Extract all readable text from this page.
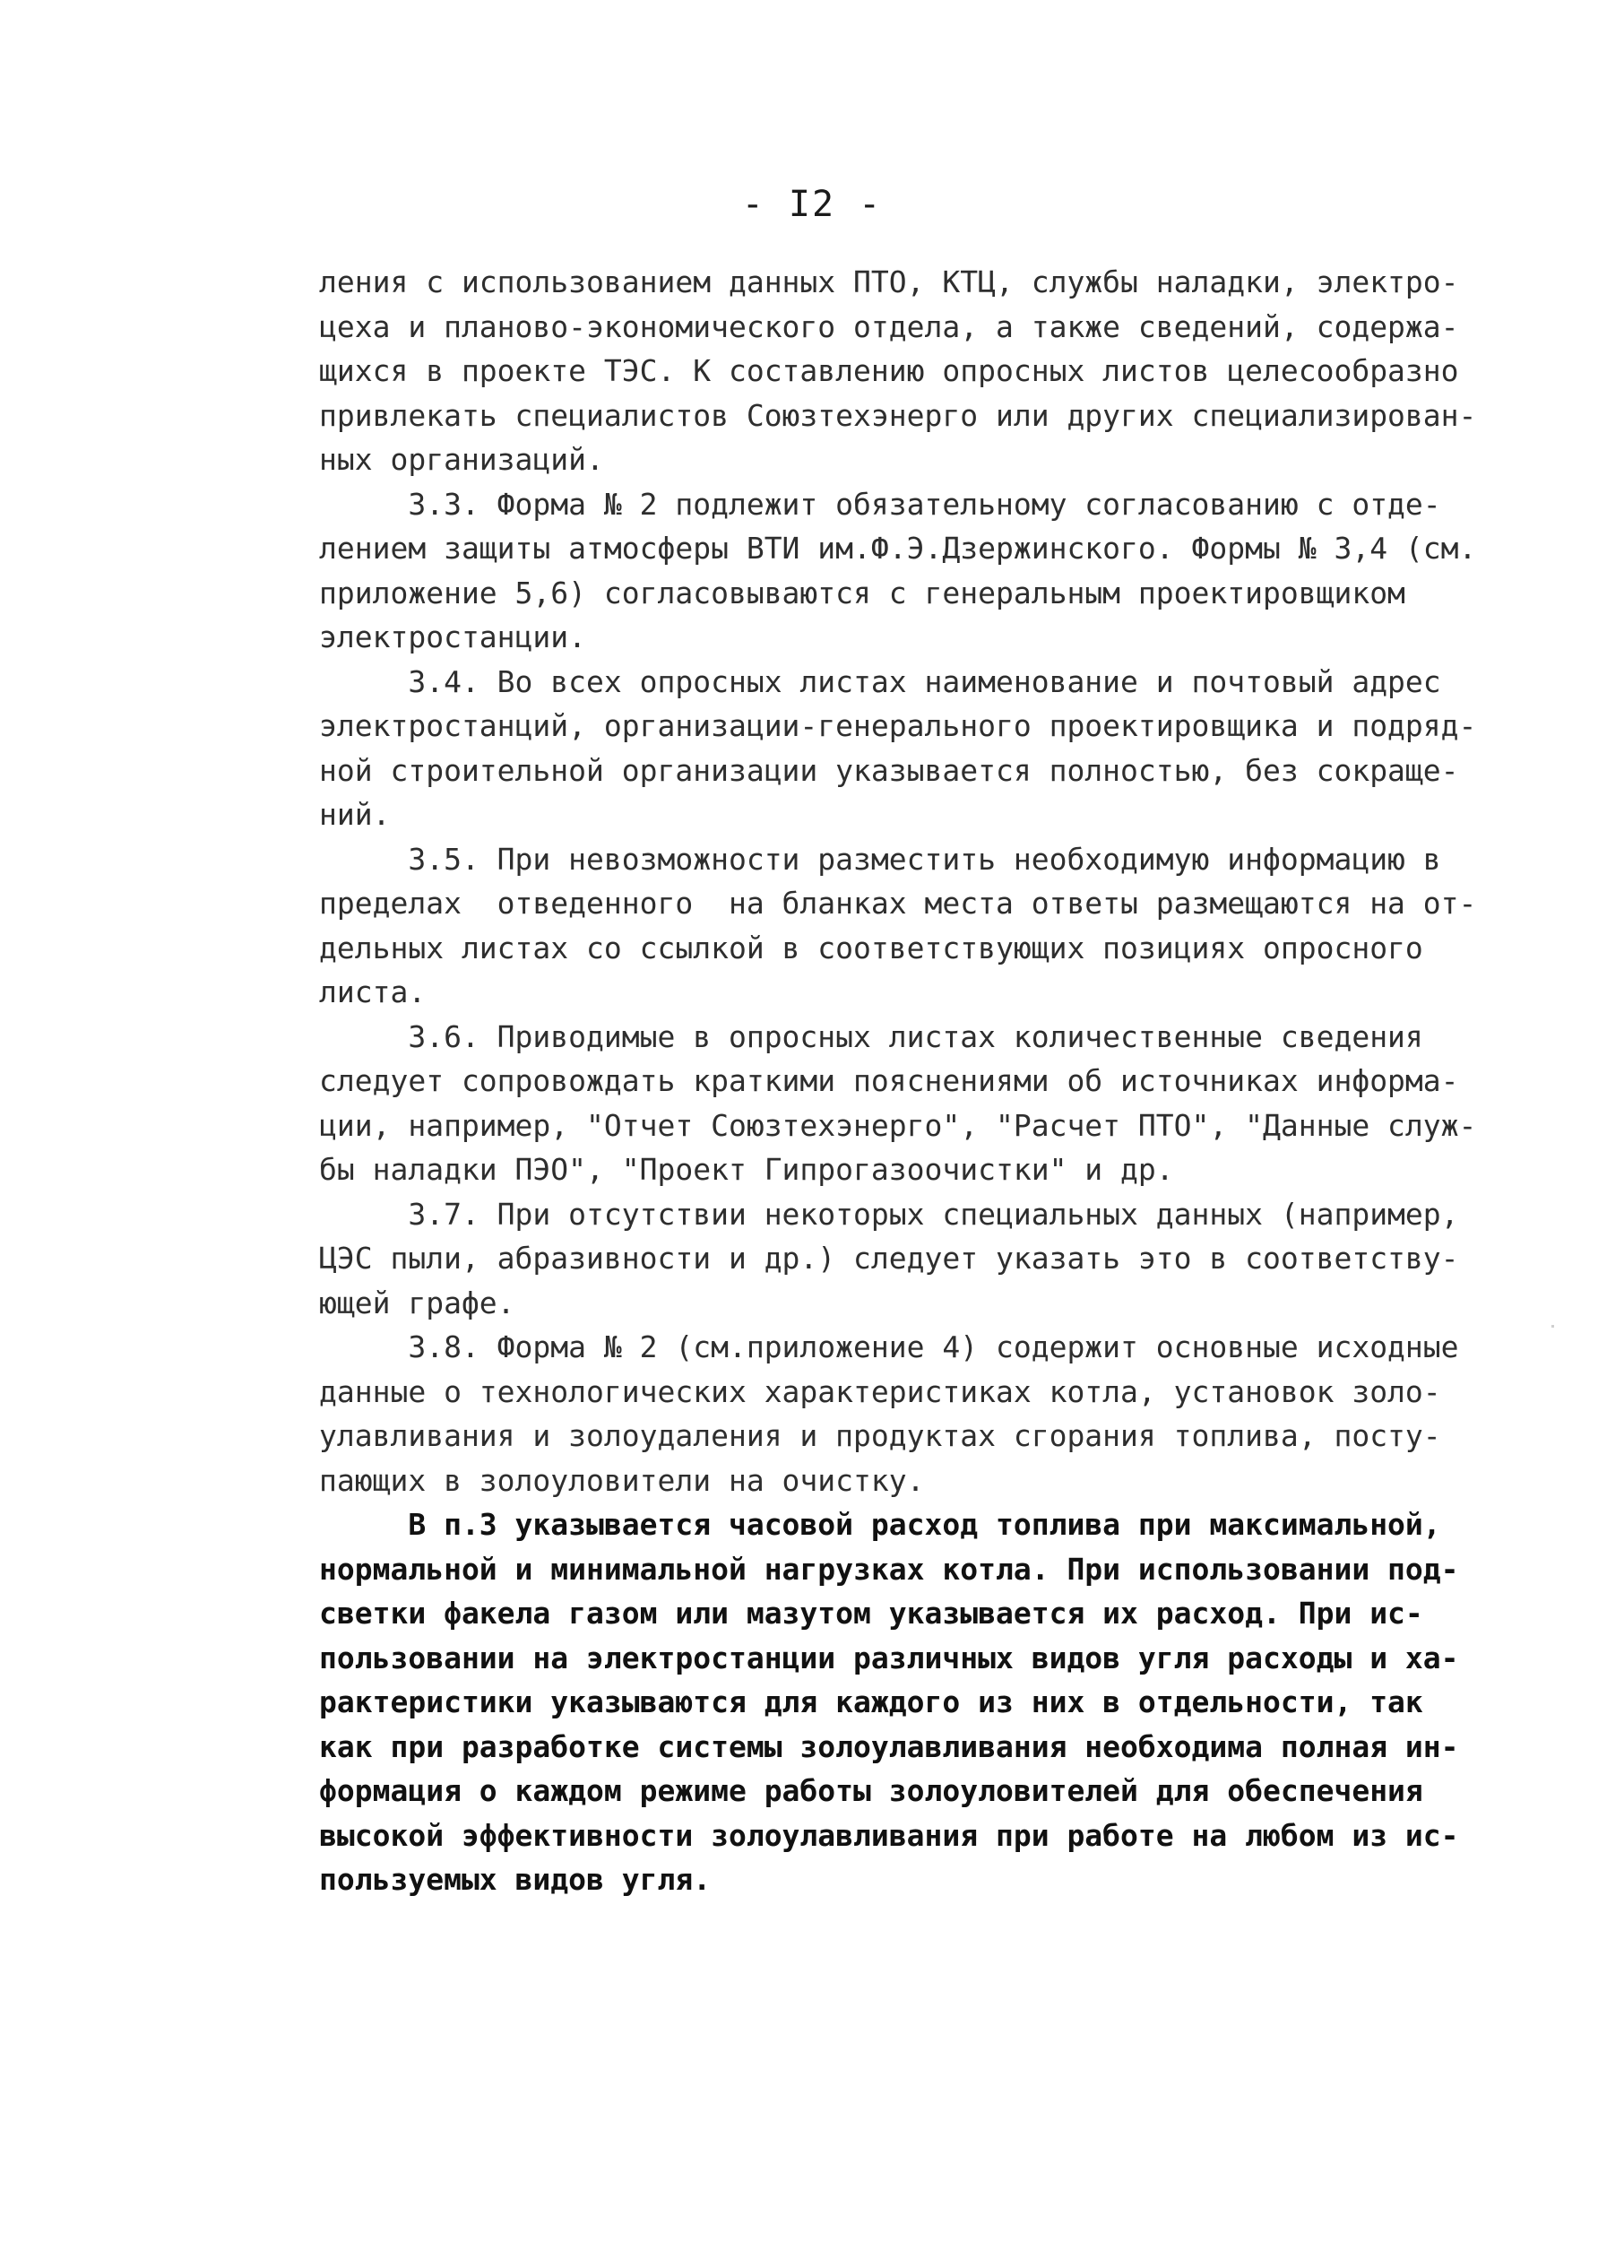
- I2 -
ления с использованием данных ПТО, КТЦ, службы наладки, электро-
цеха и планово-экономического отдела, а также сведений, содержа-
щихся в проекте ТЭС. К составлению опросных листов целесообразно
привлекать специалистов Союзтехэнерго или других специализирован-
ных организаций.
3.3. Форма № 2 подлежит обязательному согласованию с отде-
лением защиты атмосферы ВТИ им.Ф.Э.Дзержинского. Формы № 3,4 (см.
приложение 5,6) согласовываются с генеральным проектировщиком
электростанции.
3.4. Во всех опросных листах наименование и почтовый адрес
электростанций, организации-генерального проектировщика и подряд-
ной строительной организации указывается полностью, без сокраще-
ний.
3.5. При невозможности разместить необходимую информацию в
пределах  отведенного  на бланках места ответы размещаются на от-
дельных листах со ссылкой в соответствующих позициях опросного
листа.
3.6. Приводимые в опросных листах количественные сведения
следует сопровождать краткими пояснениями об источниках информа-
ции, например, "Отчет Союзтехэнерго", "Расчет ПТО", "Данные служ-
бы наладки ПЭО", "Проект Гипрогазоочистки" и др.
3.7. При отсутствии некоторых специальных данных (например,
ЦЭС пыли, абразивности и др.) следует указать это в соответству-
ющей графе.
3.8. Форма № 2 (см.приложение 4) содержит основные исходные
данные о технологических характеристиках котла, установок золо-
улавливания и золоудаления и продуктах сгорания топлива, посту-
пающих в золоуловители на очистку.
В п.3 указывается часовой расход топлива при максимальной,
нормальной и минимальной нагрузках котла. При использовании под-
светки факела газом или мазутом указывается их расход. При ис-
пользовании на электростанции различных видов угля расходы и ха-
рактеристики указываются для каждого из них в отдельности, так
как при разработке системы золоулавливания необходима полная ин-
формация о каждом режиме работы золоуловителей для обеспечения
высокой эффективности золоулавливания при работе на любом из ис-
пользуемых видов угля.
